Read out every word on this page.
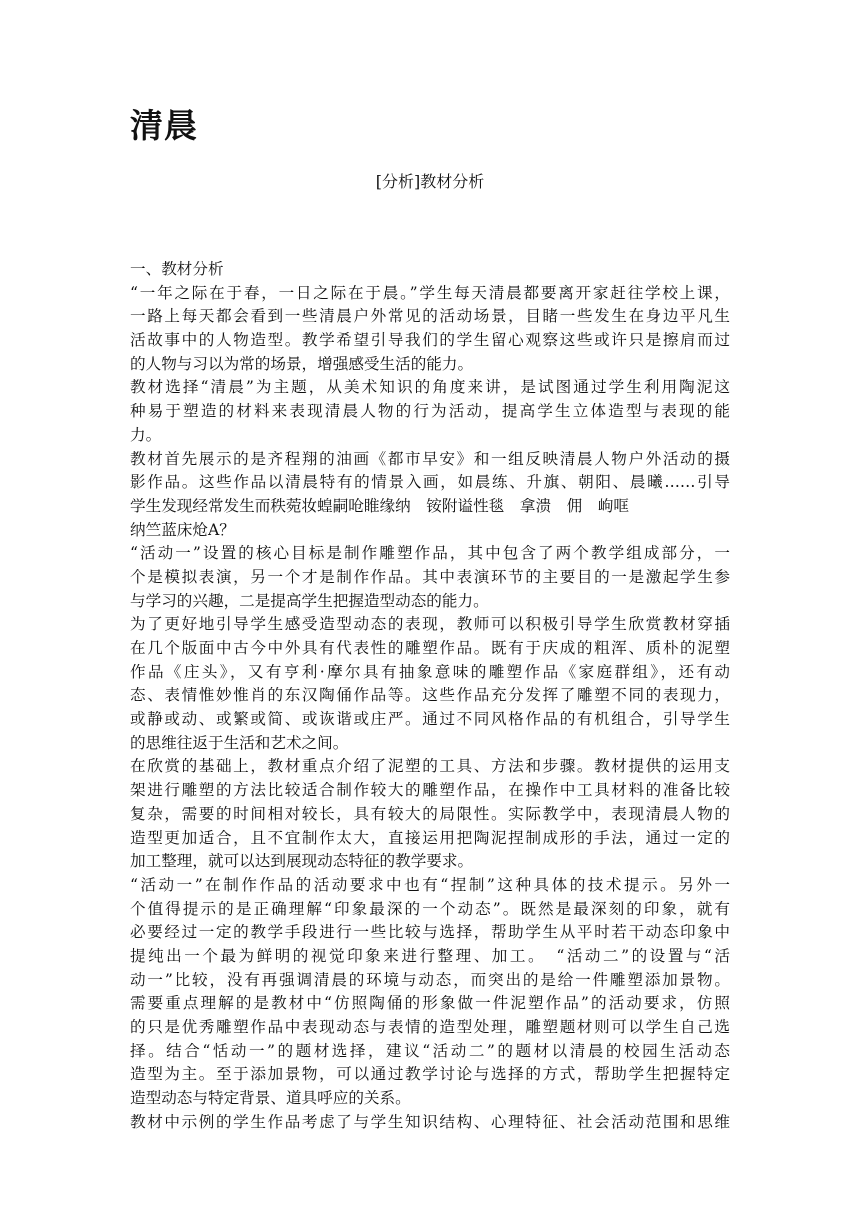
清晨

[分析]教材分析

一、教材分析
“一年之际在于春，一日之际在于晨。”学生每天清晨都要离开家赶往学校上课，
一路上每天都会看到一些清晨户外常见的活动场景，目睹一些发生在身边平凡生
活故事中的人物造型。教学希望引导我们的学生留心观察这些或许只是擦肩而过
的人物与习以为常的场景，增强感受生活的能力。
教材选择“清晨”为主题，从美术知识的角度来讲，是试图通过学生利用陶泥这
种易于塑造的材料来表现清晨人物的行为活动，提高学生立体造型与表现的能
力。
教材首先展示的是齐程翔的油画《都市早安》和一组反映清晨人物户外活动的摄
影作品。这些作品以清晨特有的情景入画，如晨练、升旗、朝阳、晨曦……引导
学生发现经常发生而秩菀妆蝗嗣呛睢缘纳　铵附谥性毯　拿溃　佣　岣哐
纳竺蓝床炝Α？
“活动一”设置的核心目标是制作雕塑作品，其中包含了两个教学组成部分，一
个是模拟表演，另一个才是制作作品。其中表演环节的主要目的一是激起学生参
与学习的兴趣，二是提高学生把握造型动态的能力。
为了更好地引导学生感受造型动态的表现，教师可以积极引导学生欣赏教材穿插
在几个版面中古今中外具有代表性的雕塑作品。既有于庆成的粗浑、质朴的泥塑
作品《庄头》，又有亨利·摩尔具有抽象意味的雕塑作品《家庭群组》，还有动
态、表情惟妙惟肖的东汉陶俑作品等。这些作品充分发挥了雕塑不同的表现力，
或静或动、或繁或简、或诙谐或庄严。通过不同风格作品的有机组合，引导学生
的思维往返于生活和艺术之间。
在欣赏的基础上，教材重点介绍了泥塑的工具、方法和步骤。教材提供的运用支
架进行雕塑的方法比较适合制作较大的雕塑作品，在操作中工具材料的准备比较
复杂，需要的时间相对较长，具有较大的局限性。实际教学中，表现清晨人物的
造型更加适合，且不宜制作太大，直接运用把陶泥捏制成形的手法，通过一定的
加工整理，就可以达到展现动态特征的教学要求。
“活动一”在制作作品的活动要求中也有“捏制”这种具体的技术提示。另外一
个值得提示的是正确理解“印象最深的一个动态”。既然是最深刻的印象，就有
必要经过一定的教学手段进行一些比较与选择，帮助学生从平时若干动态印象中
提纯出一个最为鲜明的视觉印象来进行整理、加工。　“活动二”的设置与“活
动一”比较，没有再强调清晨的环境与动态，而突出的是给一件雕塑添加景物。
需要重点理解的是教材中“仿照陶俑的形象做一件泥塑作品”的活动要求，仿照
的只是优秀雕塑作品中表现动态与表情的造型处理，雕塑题材则可以学生自己选
择。结合“恬动一”的题材选择，建议“活动二”的题材以清晨的校园生活动态
造型为主。至于添加景物，可以通过教学讨论与选择的方式，帮助学生把握特定
造型动态与特定背景、道具呼应的关系。
教材中示例的学生作品考虑了与学生知识结构、心理特征、社会活动范围和思维
